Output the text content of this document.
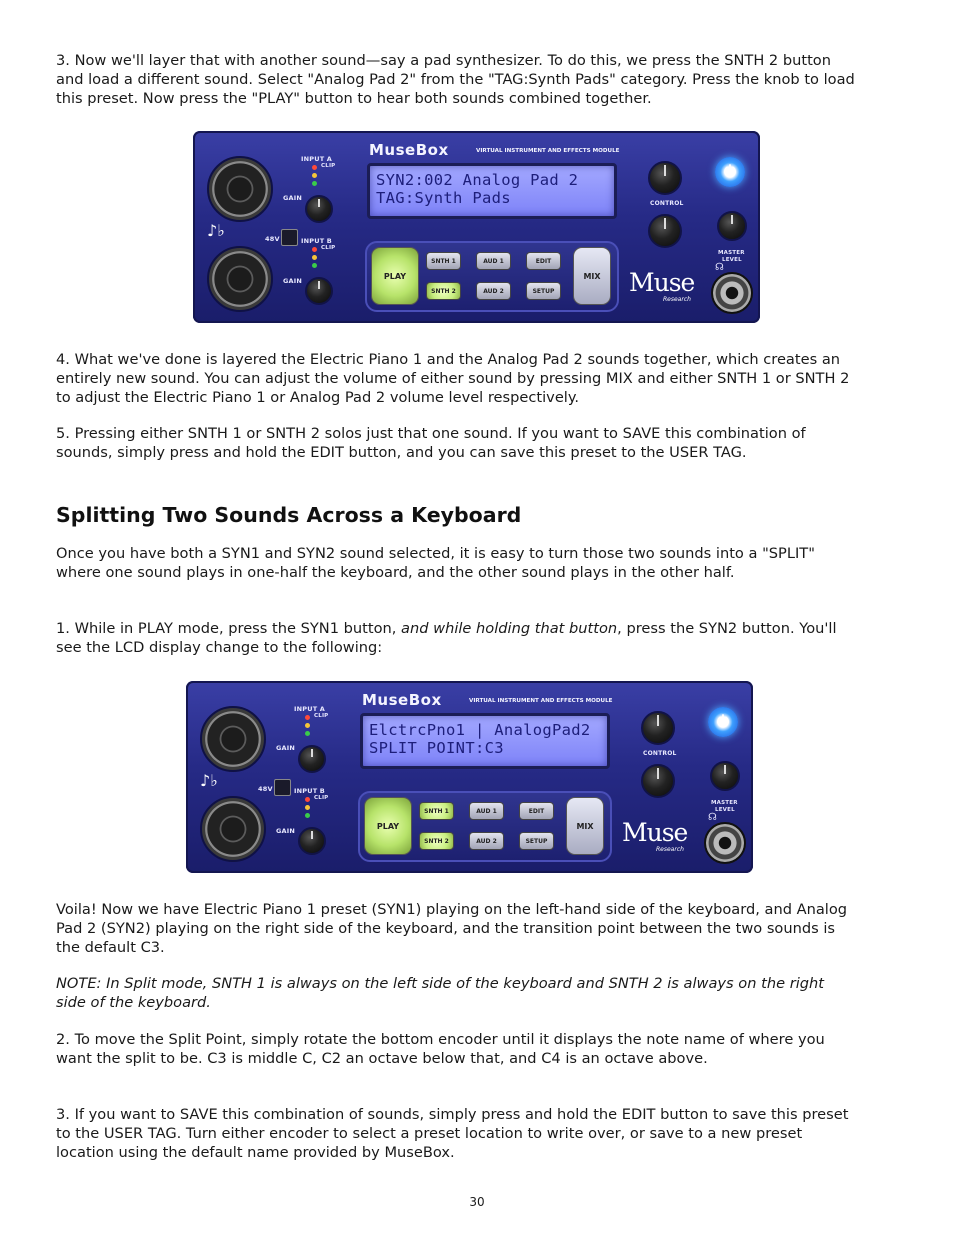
3. Now we'll layer that with another sound—say a pad synthesizer. To do this, we press the SNTH 2 button and load a different sound. Select "Analog Pad 2" from the "TAG:Synth Pads" category. Press the knob to load this preset. Now press the "PLAY" button to hear both sounds combined together.

♪♭
INPUT A
CLIP
GAIN
48V	INPUT B
CLIP
GAIN
MuseBox	VIRTUAL INSTRUMENT AND EFFECTS MODULE
SYN2:002 Analog Pad 2
TAG:Synth Pads
PLAY
SNTH 1
SNTH 2
AUD 1
AUD 2
EDIT
SETUP
MIX
CONTROL
MASTER
LEVEL
☊
Muse
Research

4. What we've done is layered the Electric Piano 1 and the Analog Pad 2 sounds together, which creates an entirely new sound. You can adjust the volume of either sound by pressing MIX and either SNTH 1 or SNTH 2 to adjust the Electric Piano 1 or Analog Pad 2 volume level respectively.

5. Pressing either SNTH 1 or SNTH 2 solos just that one sound. If you want to SAVE this combination of sounds, simply press and hold the EDIT button, and you can save this preset to the USER TAG.

Splitting Two Sounds Across a Keyboard

Once you have both a SYN1 and SYN2 sound selected, it is easy to turn those two sounds into a "SPLIT" where one sound plays in one-half the keyboard, and the other sound plays in the other half.

1. While in PLAY mode, press the SYN1 button, and while holding that button, press the SYN2 button. You'll see the LCD display change to the following:

♪♭
INPUT A
CLIP
GAIN
48V	INPUT B
CLIP
GAIN
MuseBox	VIRTUAL INSTRUMENT AND EFFECTS MODULE
ElctrcPno1 | AnalogPad2
SPLIT POINT:C3
PLAY
SNTH 1
SNTH 2
AUD 1
AUD 2
EDIT
SETUP
MIX
CONTROL
MASTER
LEVEL
☊
Muse
Research

Voila! Now we have Electric Piano 1 preset (SYN1) playing on the left-hand side of the keyboard, and Analog Pad 2 (SYN2) playing on the right side of the keyboard, and the transition point between the two sounds is the default C3.

NOTE: In Split mode, SNTH 1 is always on the left side of the keyboard and SNTH 2 is always on the right side of the keyboard.

2. To move the Split Point, simply rotate the bottom encoder until it displays the note name of where you want the split to be. C3 is middle C, C2 an octave below that, and C4 is an octave above.

3. If you want to SAVE this combination of sounds, simply press and hold the EDIT button to save this preset to the USER TAG. Turn either encoder to select a preset location to write over, or save to a new preset location using the default name provided by MuseBox.

30
